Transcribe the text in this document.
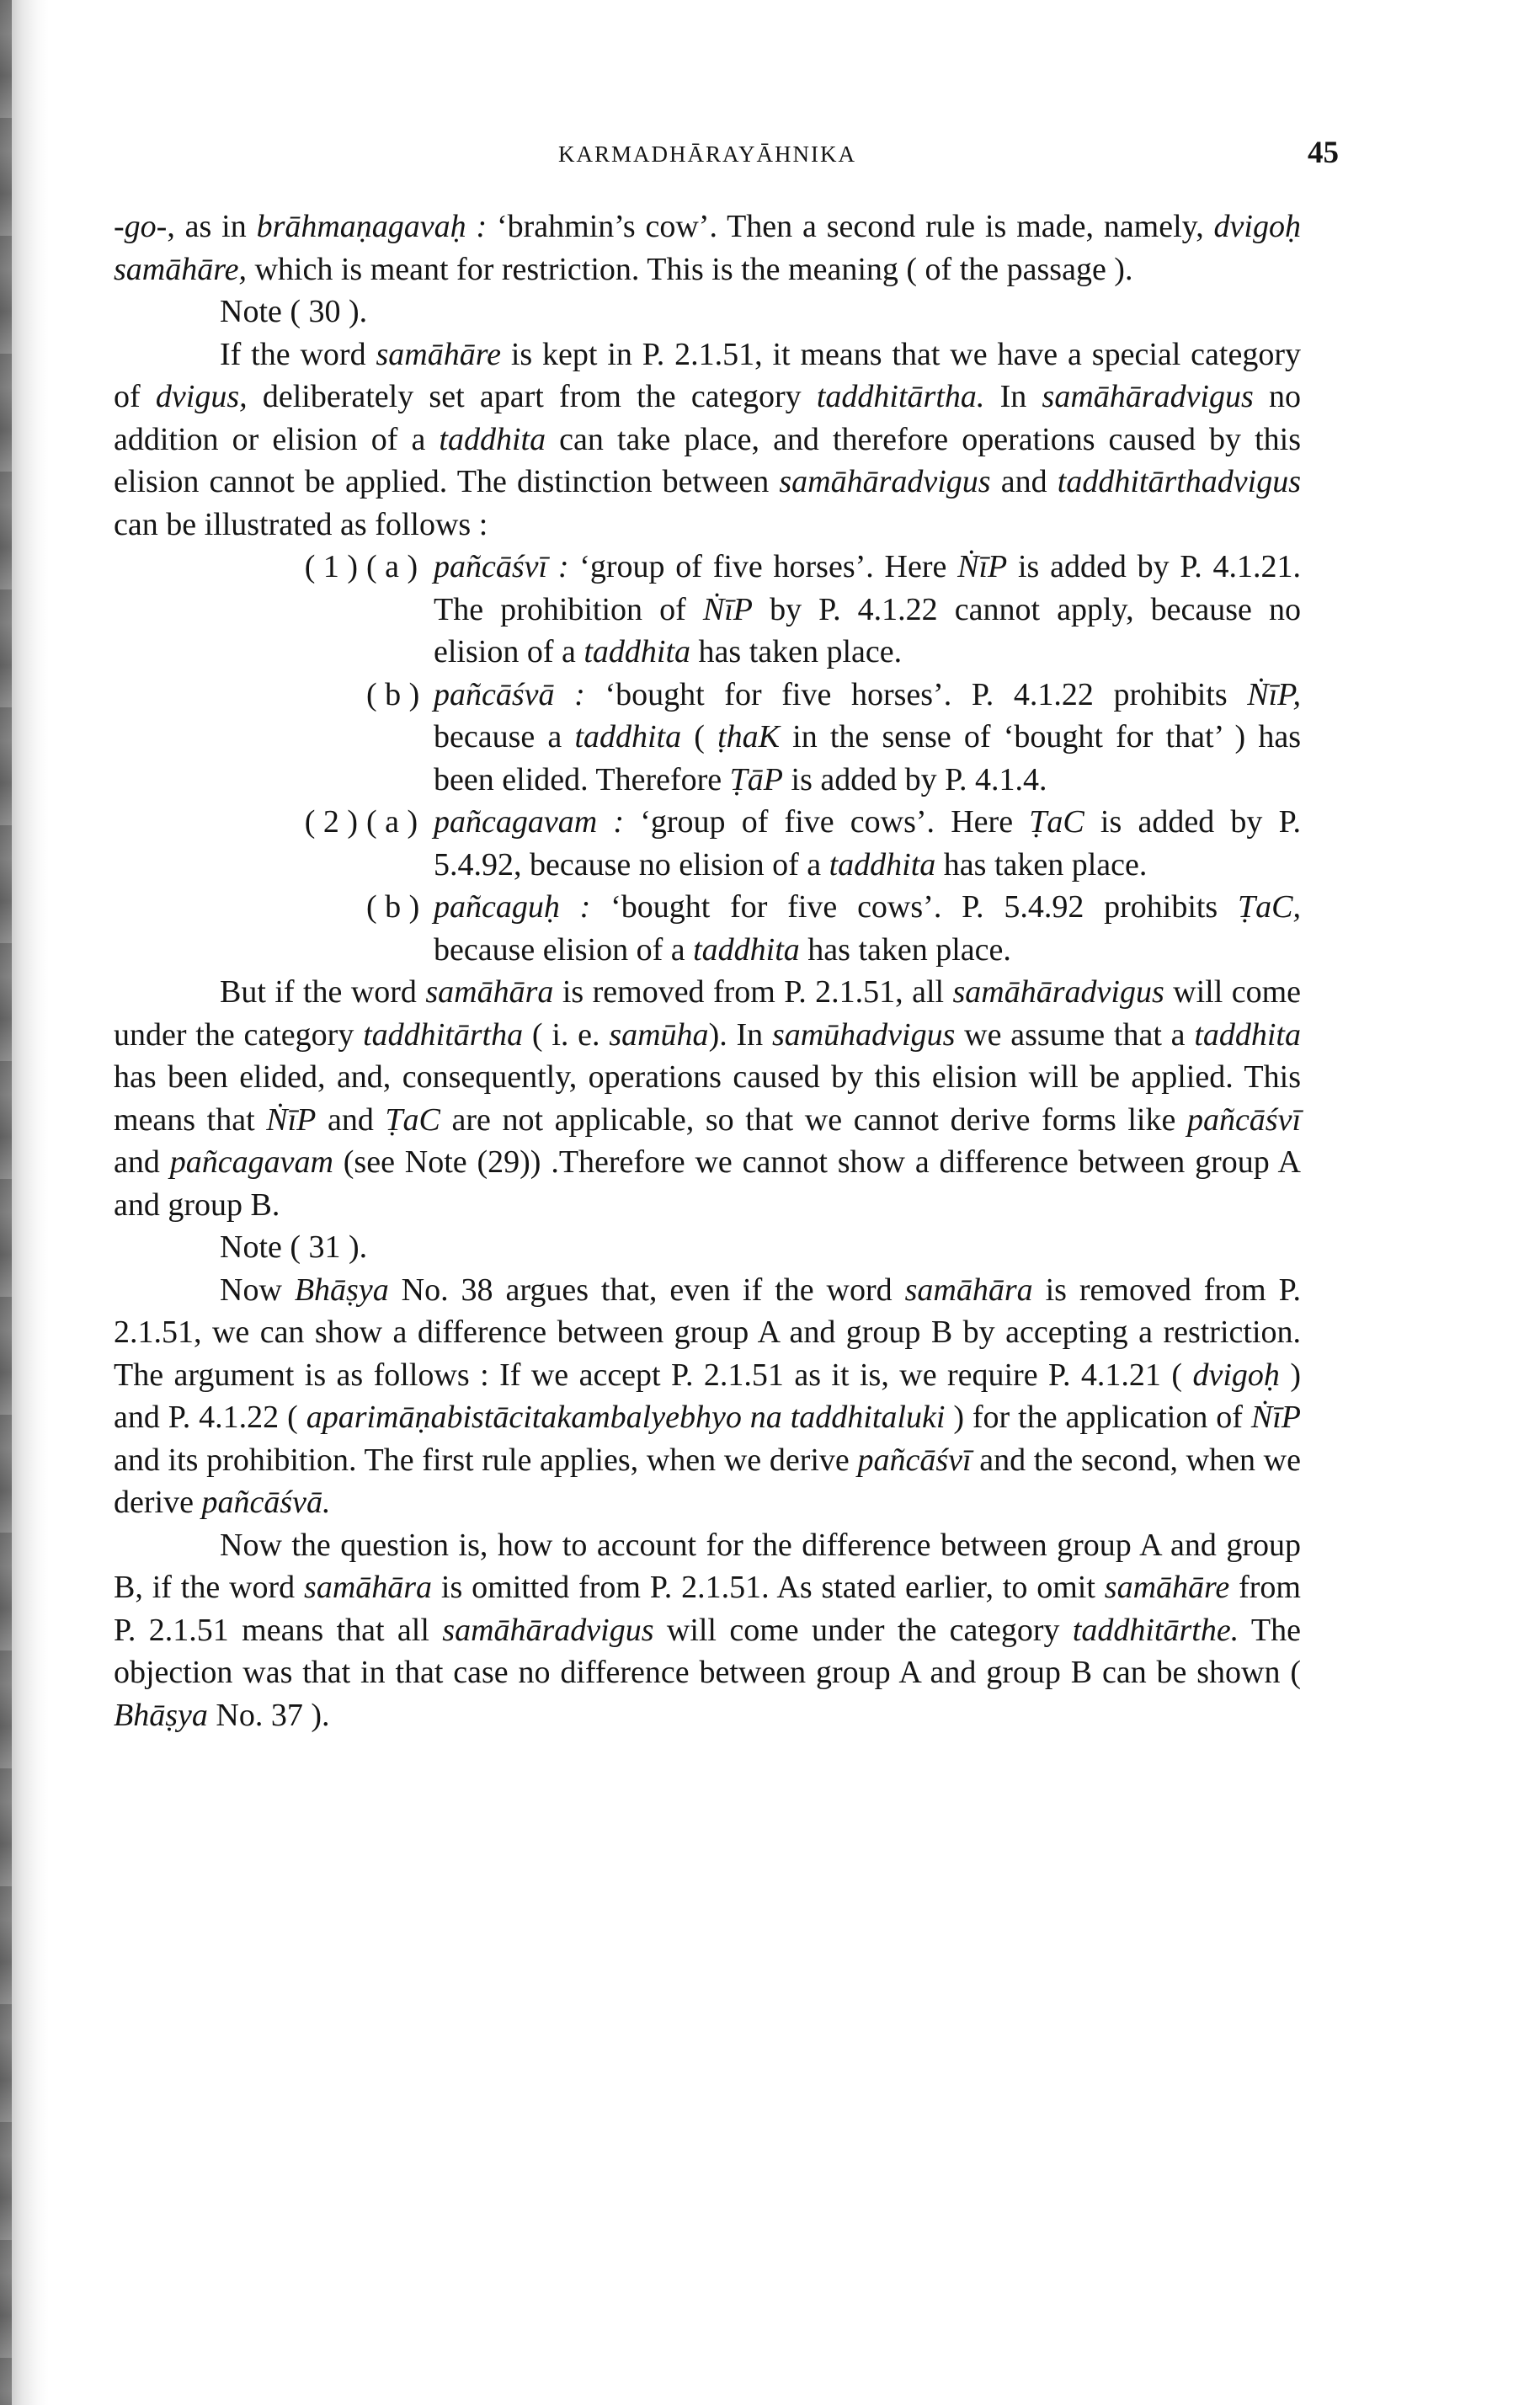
KARMADHĀRAYĀHNIKA	45

-go-, as in brāhmaṇagavaḥ : ‘brahmin’s cow’. Then a second rule is made, namely, dvigoḥ samāhāre, which is meant for restriction. This is the meaning ( of the passage ).

Note ( 30 ).

If the word samāhāre is kept in P. 2.1.51, it means that we have a special category of dvigus, deliberately set apart from the category taddhitārtha. In samāhāradvigus no addition or elision of a taddhita can take place, and therefore operations caused by this elision cannot be applied. The distinction between samāhāradvigus and taddhitārthadvigus can be illustrated as follows :

( 1 ) ( a ) pañcāśvī : ‘group of five horses’. Here ṄīP is added by P. 4.1.21. The prohibition of ṄīP by P. 4.1.22 cannot apply, because no elision of a taddhita has taken place.
( b ) pañcāśvā : ‘bought for five horses’. P. 4.1.22 prohibits ṄīP, because a taddhita ( ṭhaK in the sense of ‘bought for that’ ) has been elided. Therefore ṬāP is added by P. 4.1.4.
( 2 ) ( a ) pañcagavam : ‘group of five cows’. Here ṬaC is added by P. 5.4.92, because no elision of a taddhita has taken place.
( b ) pañcaguḥ : ‘bought for five cows’. P. 5.4.92 prohibits ṬaC, because elision of a taddhita has taken place.

But if the word samāhāra is removed from P. 2.1.51, all samāhāradvigus will come under the category taddhitārtha ( i. e. samūha). In samūhadvigus we assume that a taddhita has been elided, and, consequently, operations caused by this elision will be applied. This means that ṄīP and ṬaC are not applicable, so that we cannot derive forms like pañcāśvī and pañcagavam (see Note (29)) .Therefore we cannot show a difference between group A and group B.

Note ( 31 ).

Now Bhāṣya No. 38 argues that, even if the word samāhāra is removed from P. 2.1.51, we can show a difference between group A and group B by accepting a restriction. The argument is as follows : If we accept P. 2.1.51 as it is, we require P. 4.1.21 ( dvigoḥ ) and P. 4.1.22 ( aparimāṇabistācitakambalyebhyo na taddhitaluki ) for the application of ṄīP and its prohibition. The first rule applies, when we derive pañcāśvī and the second, when we derive pañcāśvā.

Now the question is, how to account for the difference between group A and group B, if the word samāhāra is omitted from P. 2.1.51. As stated earlier, to omit samāhāre from P. 2.1.51 means that all samāhāradvigus will come under the category taddhitārthe. The objection was that in that case no difference between group A and group B can be shown ( Bhāṣya No. 37 ).
